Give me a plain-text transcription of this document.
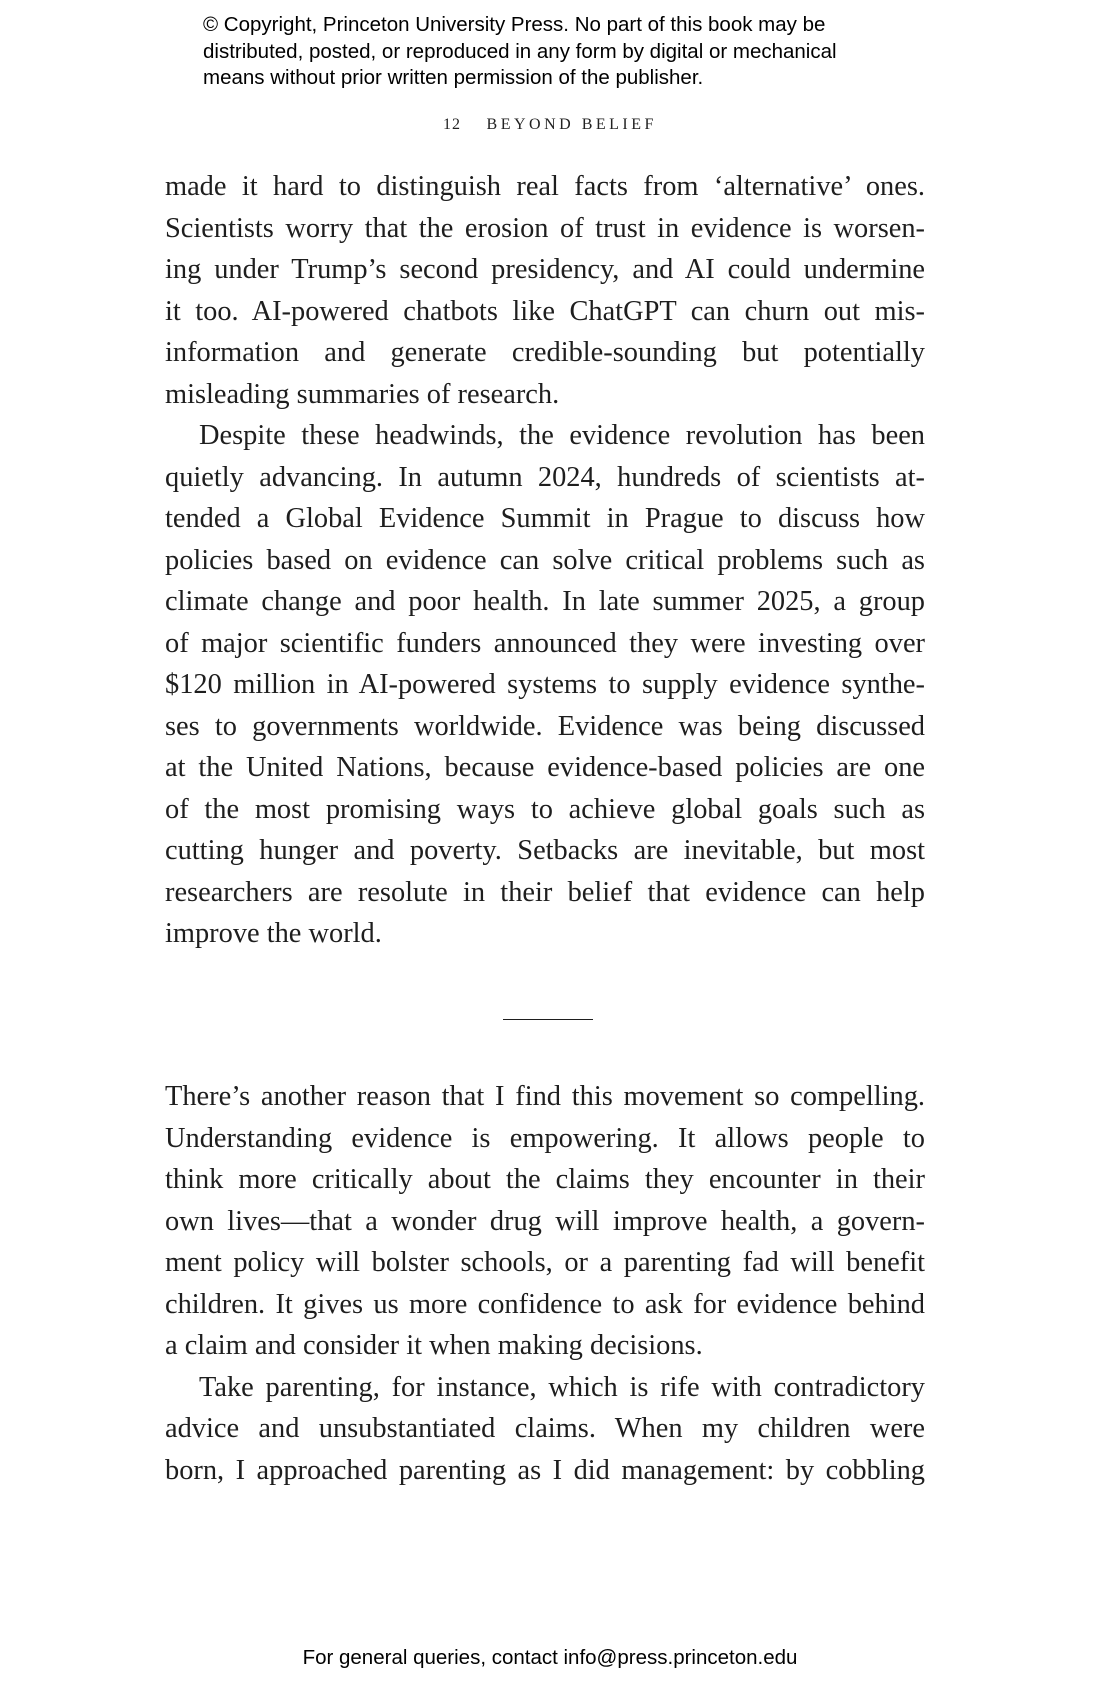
© Copyright, Princeton University Press. No part of this book may be
distributed, posted, or reproduced in any form by digital or mechanical
means without prior written permission of the publisher.
12 BEYOND BELIEF
made it hard to distinguish real facts from ‘alternative’ ones.
Scientists worry that the erosion of trust in evidence is worsen-
ing under Trump’s second presidency, and AI could undermine
it too. AI-powered chatbots like ChatGPT can churn out mis-
information and generate credible-sounding but potentially
misleading summaries of research.
Despite these headwinds, the evidence revolution has been
quietly advancing. In autumn 2024, hundreds of scientists at-
tended a Global Evidence Summit in Prague to discuss how
policies based on evidence can solve critical problems such as
climate change and poor health. In late summer 2025, a group
of major scientific funders announced they were investing over
$120 million in AI-powered systems to supply evidence synthe-
ses to governments worldwide. Evidence was being discussed
at the United Nations, because evidence-based policies are one
of the most promising ways to achieve global goals such as
cutting hunger and poverty. Setbacks are inevitable, but most
researchers are resolute in their belief that evidence can help
improve the world.
There’s another reason that I find this movement so compelling.
Understanding evidence is empowering. It allows people to
think more critically about the claims they encounter in their
own lives—that a wonder drug will improve health, a govern-
ment policy will bolster schools, or a parenting fad will benefit
children. It gives us more confidence to ask for evidence behind
a claim and consider it when making decisions.
Take parenting, for instance, which is rife with contradictory
advice and unsubstantiated claims. When my children were
born, I approached parenting as I did management: by cobbling
For general queries, contact info@press.princeton.edu
